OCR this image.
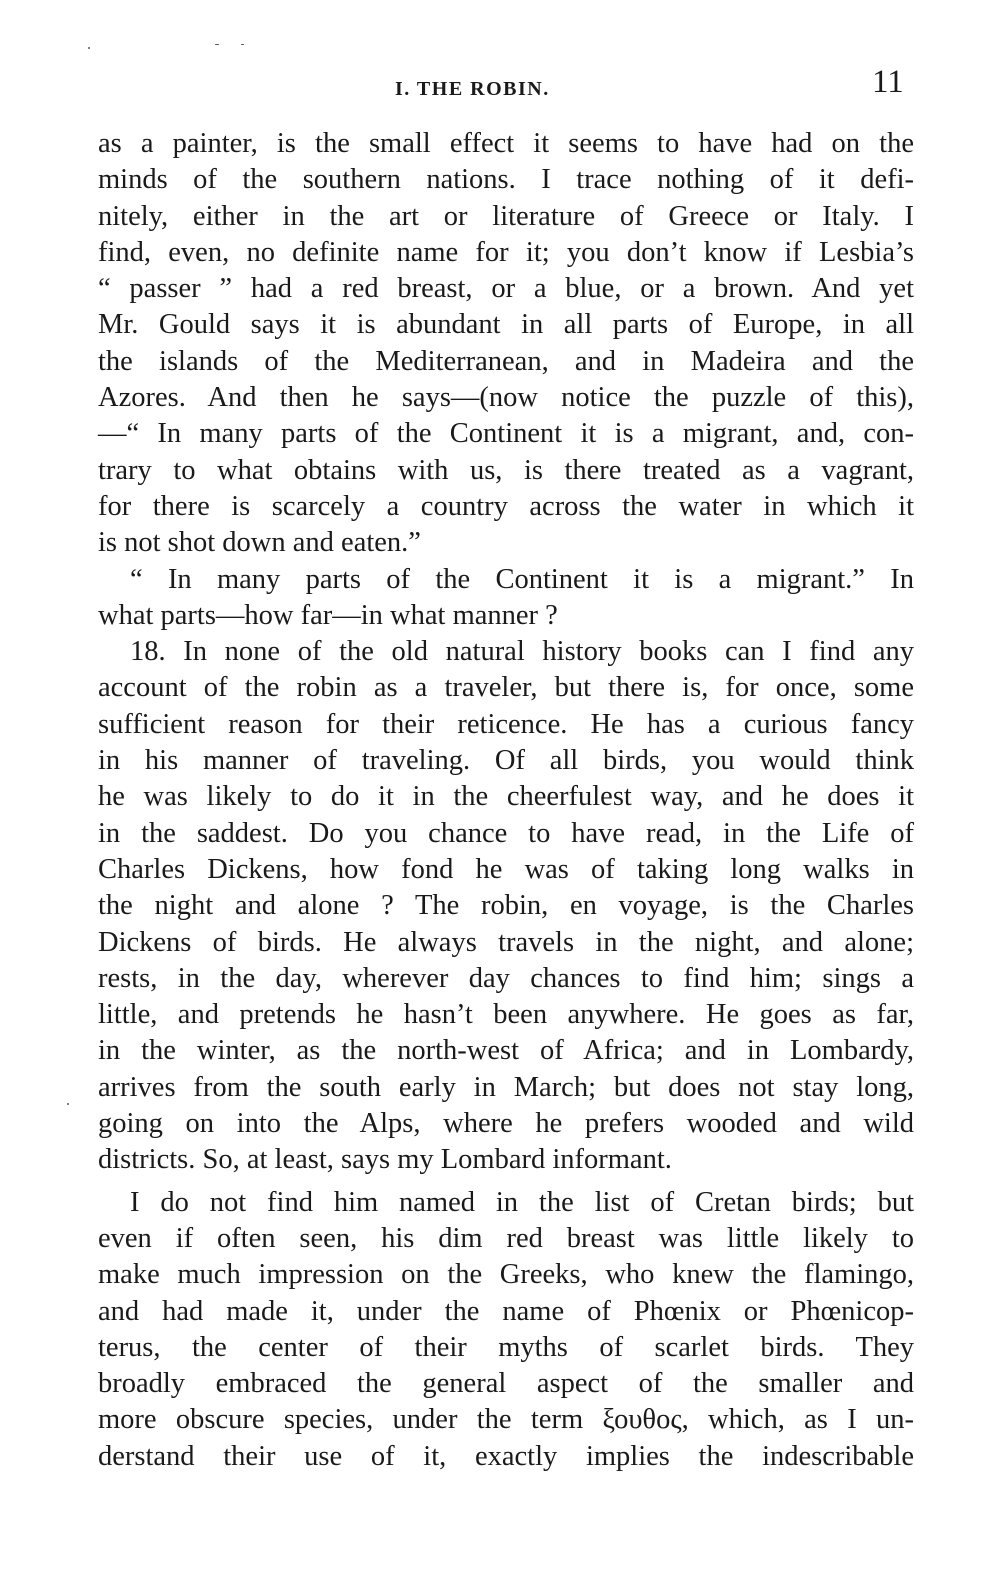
I. THE ROBIN.	11
as a painter, is the small effect it seems to have had on the
minds of the southern nations. I trace nothing of it defi-
nitely, either in the art or literature of Greece or Italy. I
find, even, no definite name for it; you don’t know if Lesbia’s
“ passer ” had a red breast, or a blue, or a brown. And yet
Mr. Gould says it is abundant in all parts of Europe, in all
the islands of the Mediterranean, and in Madeira and the
Azores. And then he says—(now notice the puzzle of this),
—“ In many parts of the Continent it is a migrant, and, con-
trary to what obtains with us, is there treated as a vagrant,
for there is scarcely a country across the water in which it
is not shot down and eaten.”
“ In many parts of the Continent it is a migrant.” In
what parts—how far—in what manner ?
18. In none of the old natural history books can I find any
account of the robin as a traveler, but there is, for once, some
sufficient reason for their reticence. He has a curious fancy
in his manner of traveling. Of all birds, you would think
he was likely to do it in the cheerfulest way, and he does it
in the saddest. Do you chance to have read, in the Life of
Charles Dickens, how fond he was of taking long walks in
the night and alone ? The robin, en voyage, is the Charles
Dickens of birds. He always travels in the night, and alone;
rests, in the day, wherever day chances to find him; sings a
little, and pretends he hasn’t been anywhere. He goes as far,
in the winter, as the north-west of Africa; and in Lombardy,
arrives from the south early in March; but does not stay long,
going on into the Alps, where he prefers wooded and wild
districts. So, at least, says my Lombard informant.
I do not find him named in the list of Cretan birds; but
even if often seen, his dim red breast was little likely to
make much impression on the Greeks, who knew the flamingo,
and had made it, under the name of Phœnix or Phœnicop-
terus, the center of their myths of scarlet birds. They
broadly embraced the general aspect of the smaller and
more obscure species, under the term ξουθος, which, as I un-
derstand their use of it, exactly implies the indescribable
